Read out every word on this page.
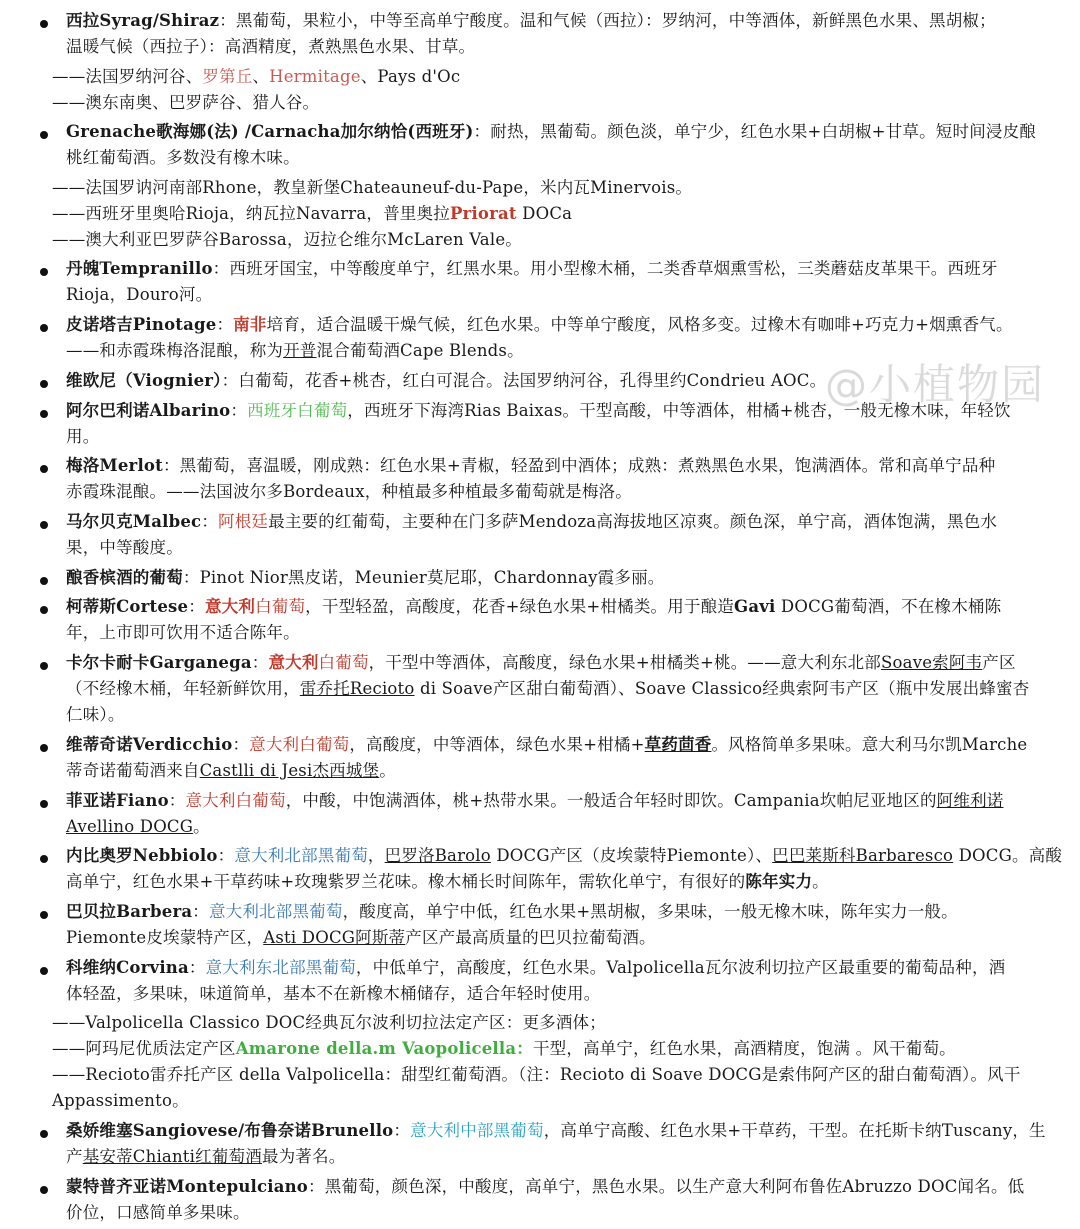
@小植物园
西拉Syrag/Shiraz：黑葡萄，果粒小，中等至高单宁酸度。温和气候（西拉）：罗纳河，中等酒体，新鲜黑色水果、黑胡椒；
温暖气候（西拉子）：高酒精度，煮熟黑色水果、甘草。
——法国罗纳河谷、罗第丘、Hermitage、Pays d'Oc
——澳东南奥、巴罗萨谷、猎人谷。
Grenache歌海娜(法) /Carnacha加尔纳恰(西班牙)：耐热，黑葡萄。颜色淡，单宁少，红色水果+白胡椒+甘草。短时间浸皮酿
桃红葡萄酒。多数没有橡木味。
——法国罗讷河南部Rhone，教皇新堡Chateauneuf-du-Pape，米内瓦Minervois。
——西班牙里奥哈Rioja，纳瓦拉Navarra，普里奥拉Priorat DOCa
——澳大利亚巴罗萨谷Barossa，迈拉仑维尔McLaren Vale。
丹魄Tempranillo：西班牙国宝，中等酸度单宁，红黑水果。用小型橡木桶，二类香草烟熏雪松，三类蘑菇皮革果干。西班牙
Rioja，Douro河。
皮诺塔吉Pinotage：南非培育，适合温暖干燥气候，红色水果。中等单宁酸度，风格多变。过橡木有咖啡+巧克力+烟熏香气。
——和赤霞珠梅洛混酿，称为开普混合葡萄酒Cape Blends。
维欧尼（Viognier）：白葡萄，花香+桃杏，红白可混合。法国罗纳河谷，孔得里约Condrieu AOC。
阿尔巴利诺Albarino：西班牙白葡萄，西班牙下海湾Rias Baixas。干型高酸，中等酒体，柑橘+桃杏，一般无橡木味，年轻饮
用。
梅洛Merlot：黑葡萄，喜温暖，刚成熟：红色水果+青椒，轻盈到中酒体；成熟：煮熟黑色水果，饱满酒体。常和高单宁品种
赤霞珠混酿。——法国波尔多Bordeaux，种植最多种植最多葡萄就是梅洛。
马尔贝克Malbec：阿根廷最主要的红葡萄，主要种在门多萨Mendoza高海拔地区凉爽。颜色深，单宁高，酒体饱满，黑色水
果，中等酸度。
酿香槟酒的葡萄：Pinot Nior黑皮诺，Meunier莫尼耶，Chardonnay霞多丽。
柯蒂斯Cortese：意大利白葡萄，干型轻盈，高酸度，花香+绿色水果+柑橘类。用于酿造Gavi DOCG葡萄酒，不在橡木桶陈
年，上市即可饮用不适合陈年。
卡尔卡耐卡Garganega：意大利白葡萄，干型中等酒体，高酸度，绿色水果+柑橘类+桃。——意大利东北部Soave索阿韦产区
（不经橡木桶，年轻新鲜饮用，雷乔托Recioto di Soave产区甜白葡萄酒）、Soave Classico经典索阿韦产区（瓶中发展出蜂蜜杏
仁味）。
维蒂奇诺Verdicchio：意大利白葡萄，高酸度，中等酒体，绿色水果+柑橘+草药茴香。风格简单多果味。意大利马尔凯Marche
蒂奇诺葡萄酒来自Castlli di Jesi杰西城堡。
菲亚诺Fiano：意大利白葡萄，中酸，中饱满酒体，桃+热带水果。一般适合年轻时即饮。Campania坎帕尼亚地区的阿维利诺
Avellino DOCG。
内比奥罗Nebbiolo：意大利北部黑葡萄，巴罗洛Barolo DOCG产区（皮埃蒙特Piemonte）、巴巴莱斯科Barbaresco DOCG。高酸
高单宁，红色水果+干草药味+玫瑰紫罗兰花味。橡木桶长时间陈年，需软化单宁，有很好的陈年实力。
巴贝拉Barbera：意大利北部黑葡萄，酸度高，单宁中低，红色水果+黑胡椒，多果味，一般无橡木味，陈年实力一般。
Piemonte皮埃蒙特产区，Asti DOCG阿斯蒂产区产最高质量的巴贝拉葡萄酒。
科维纳Corvina：意大利东北部黑葡萄，中低单宁，高酸度，红色水果。Valpolicella瓦尔波利切拉产区最重要的葡萄品种，酒
体轻盈，多果味，味道简单，基本不在新橡木桶储存，适合年轻时使用。
——Valpolicella Classico DOC经典瓦尔波利切拉法定产区：更多酒体；
——阿玛尼优质法定产区Amarone della.m Vaopolicella：干型，高单宁，红色水果，高酒精度，饱满 。风干葡萄。
——Recioto雷乔托产区 della Valpolicella：甜型红葡萄酒。（注：Recioto di Soave DOCG是索伟阿产区的甜白葡萄酒）。风干
Appassimento。
桑娇维塞Sangiovese/布鲁奈诺Brunello：意大利中部黑葡萄，高单宁高酸、红色水果+干草药，干型。在托斯卡纳Tuscany，生
产基安蒂Chianti红葡萄酒最为著名。
蒙特普齐亚诺Montepulciano：黑葡萄，颜色深，中酸度，高单宁，黑色水果。以生产意大利阿布鲁佐Abruzzo DOC闻名。低
价位，口感简单多果味。
